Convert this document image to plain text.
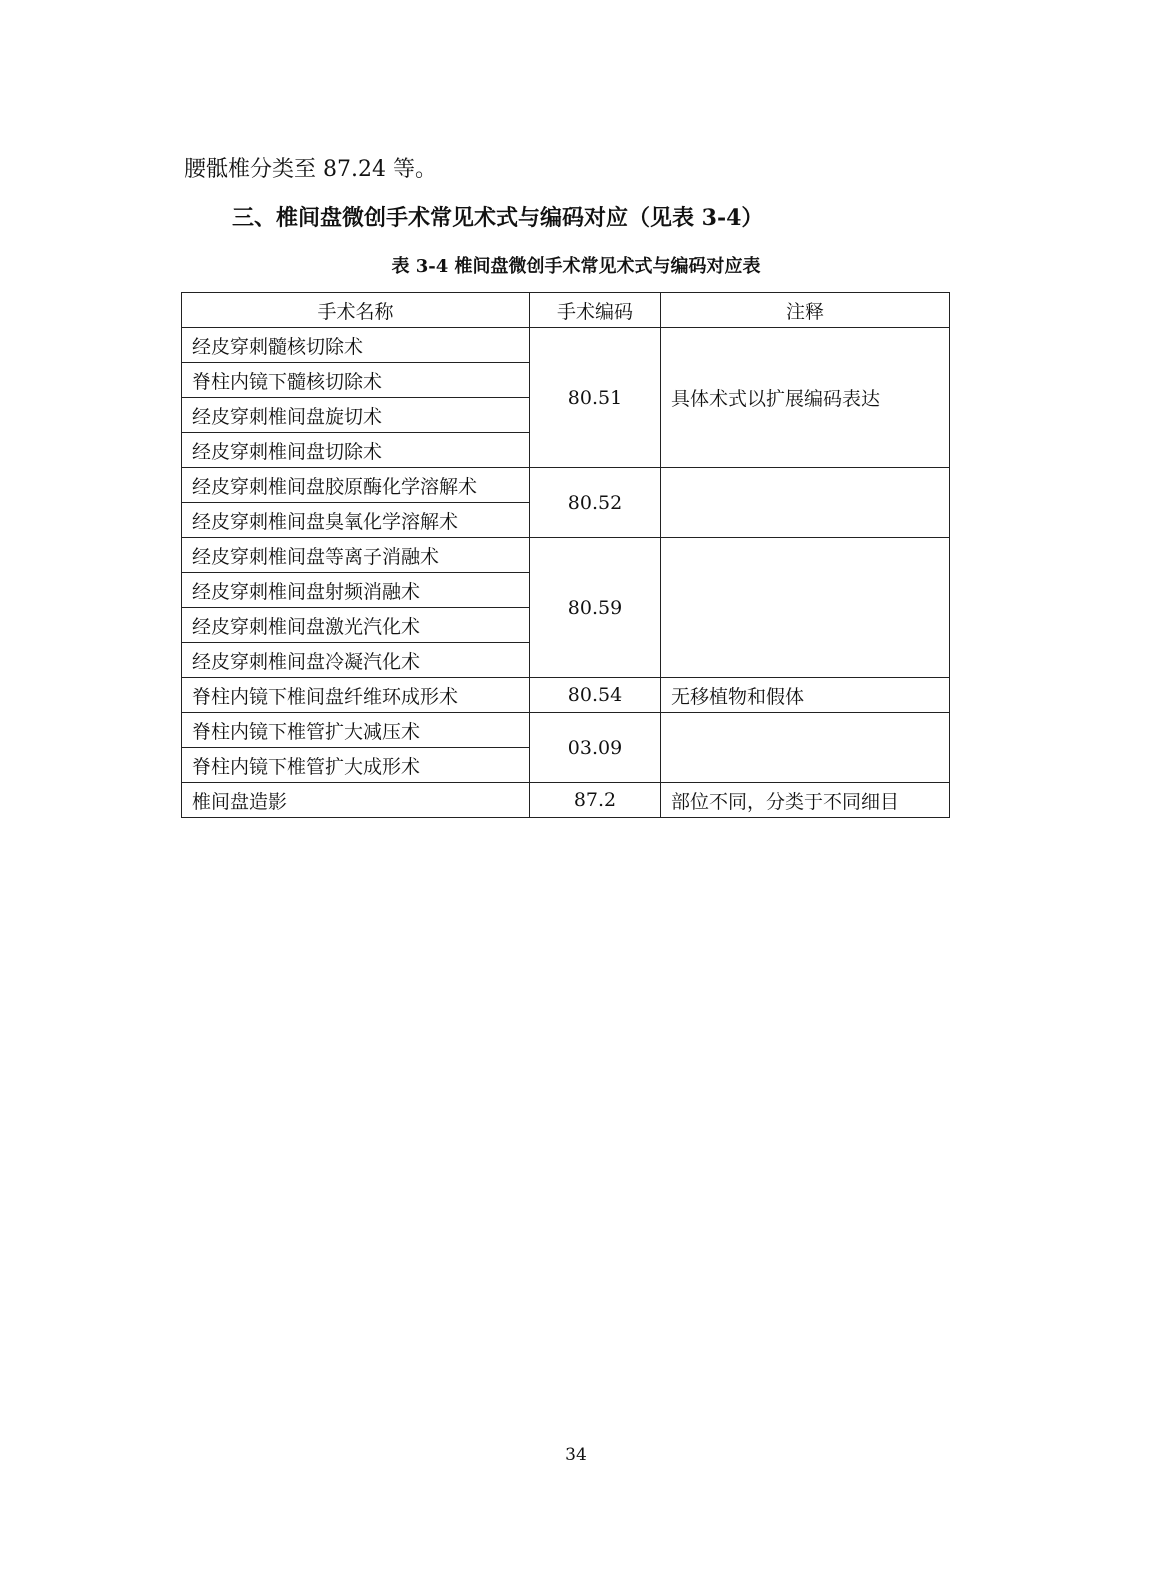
腰骶椎分类至 87.24 等。
三、椎间盘微创手术常见术式与编码对应（见表 3-4）
表 3-4 椎间盘微创手术常见术式与编码对应表
手术名称	手术编码	注释
经皮穿刺髓核切除术	80.51	具体术式以扩展编码表达
脊柱内镜下髓核切除术		
经皮穿刺椎间盘旋切术		
经皮穿刺椎间盘切除术		
经皮穿刺椎间盘胶原酶化学溶解术	80.52	
经皮穿刺椎间盘臭氧化学溶解术		
经皮穿刺椎间盘等离子消融术	80.59	
经皮穿刺椎间盘射频消融术		
经皮穿刺椎间盘激光汽化术		
经皮穿刺椎间盘冷凝汽化术		
脊柱内镜下椎间盘纤维环成形术	80.54	无移植物和假体
脊柱内镜下椎管扩大减压术	03.09	
脊柱内镜下椎管扩大成形术		
椎间盘造影	87.2	部位不同，分类于不同细目
34
